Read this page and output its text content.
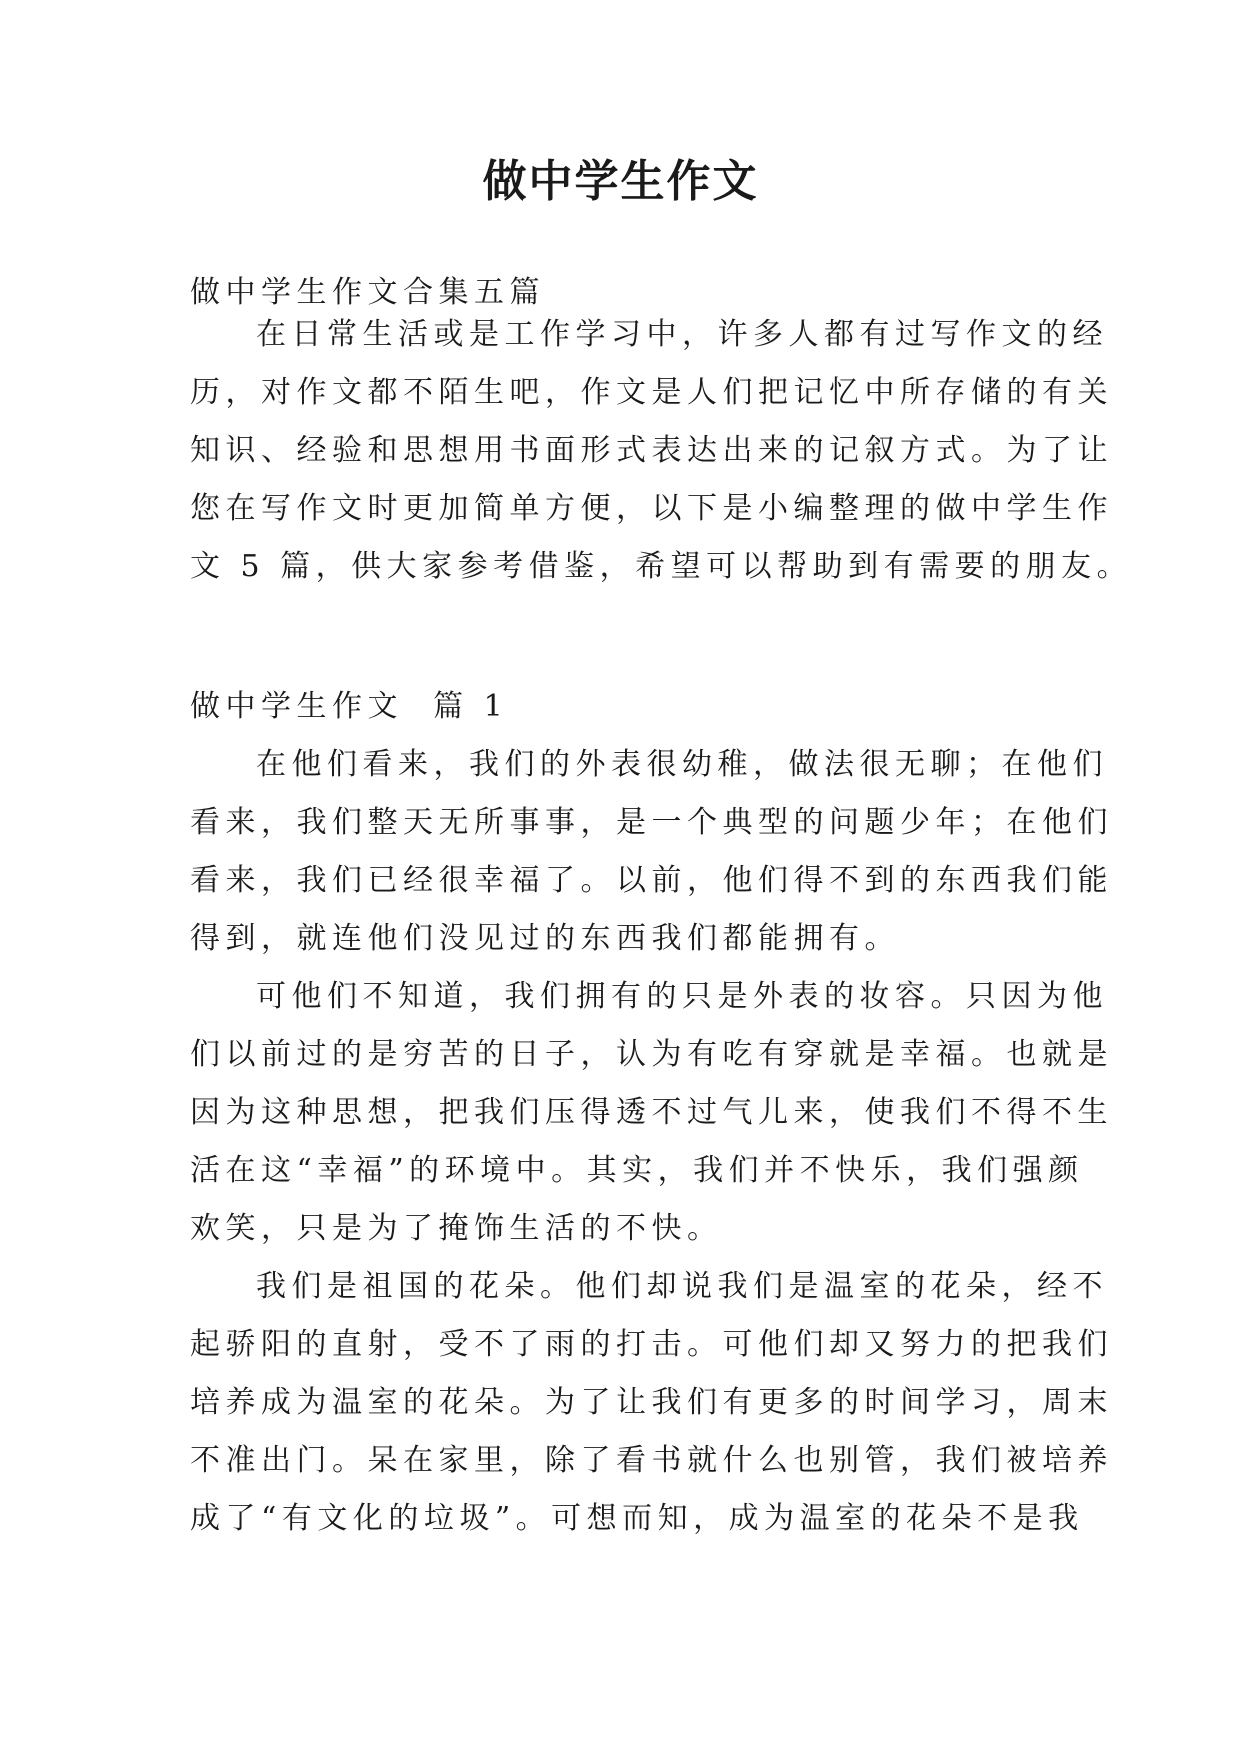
做中学生作文
做中学生作文合集五篇
在日常生活或是工作学习中，许多人都有过写作文的经
历，对作文都不陌生吧，作文是人们把记忆中所存储的有关
知识、经验和思想用书面形式表达出来的记叙方式。为了让
您在写作文时更加简单方便，以下是小编整理的做中学生作
文 5 篇，供大家参考借鉴，希望可以帮助到有需要的朋友。
做中学生作文  篇 1
在他们看来，我们的外表很幼稚，做法很无聊；在他们
看来，我们整天无所事事，是一个典型的问题少年；在他们
看来，我们已经很幸福了。以前，他们得不到的东西我们能
得到，就连他们没见过的东西我们都能拥有。
可他们不知道，我们拥有的只是外表的妆容。只因为他
们以前过的是穷苦的日子，认为有吃有穿就是幸福。也就是
因为这种思想，把我们压得透不过气儿来，使我们不得不生
活在这“幸福”的环境中。其实，我们并不快乐，我们强颜
欢笑，只是为了掩饰生活的不快。
我们是祖国的花朵。他们却说我们是温室的花朵，经不
起骄阳的直射，受不了雨的打击。可他们却又努力的把我们
培养成为温室的花朵。为了让我们有更多的时间学习，周末
不准出门。呆在家里，除了看书就什么也别管，我们被培养
成了“有文化的垃圾”。可想而知，成为温室的花朵不是我
